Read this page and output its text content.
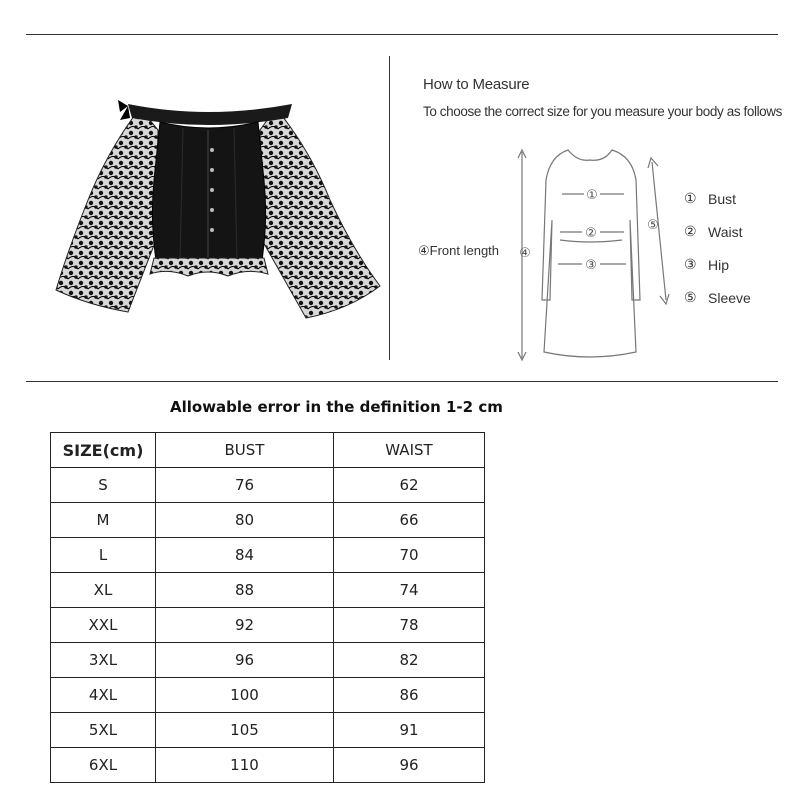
How to Measure
To choose the correct size for you measure your body as follows
①
②
③
④
⑤
④Front length
① Bust
② Waist
③ Hip
⑤ Sleeve
Allowable error in the definition 1-2 cm
SIZE(cm)	BUST	WAIST
S	76	62
M	80	66
L	84	70
XL	88	74
XXL	92	78
3XL	96	82
4XL	100	86
5XL	105	91
6XL	110	96
